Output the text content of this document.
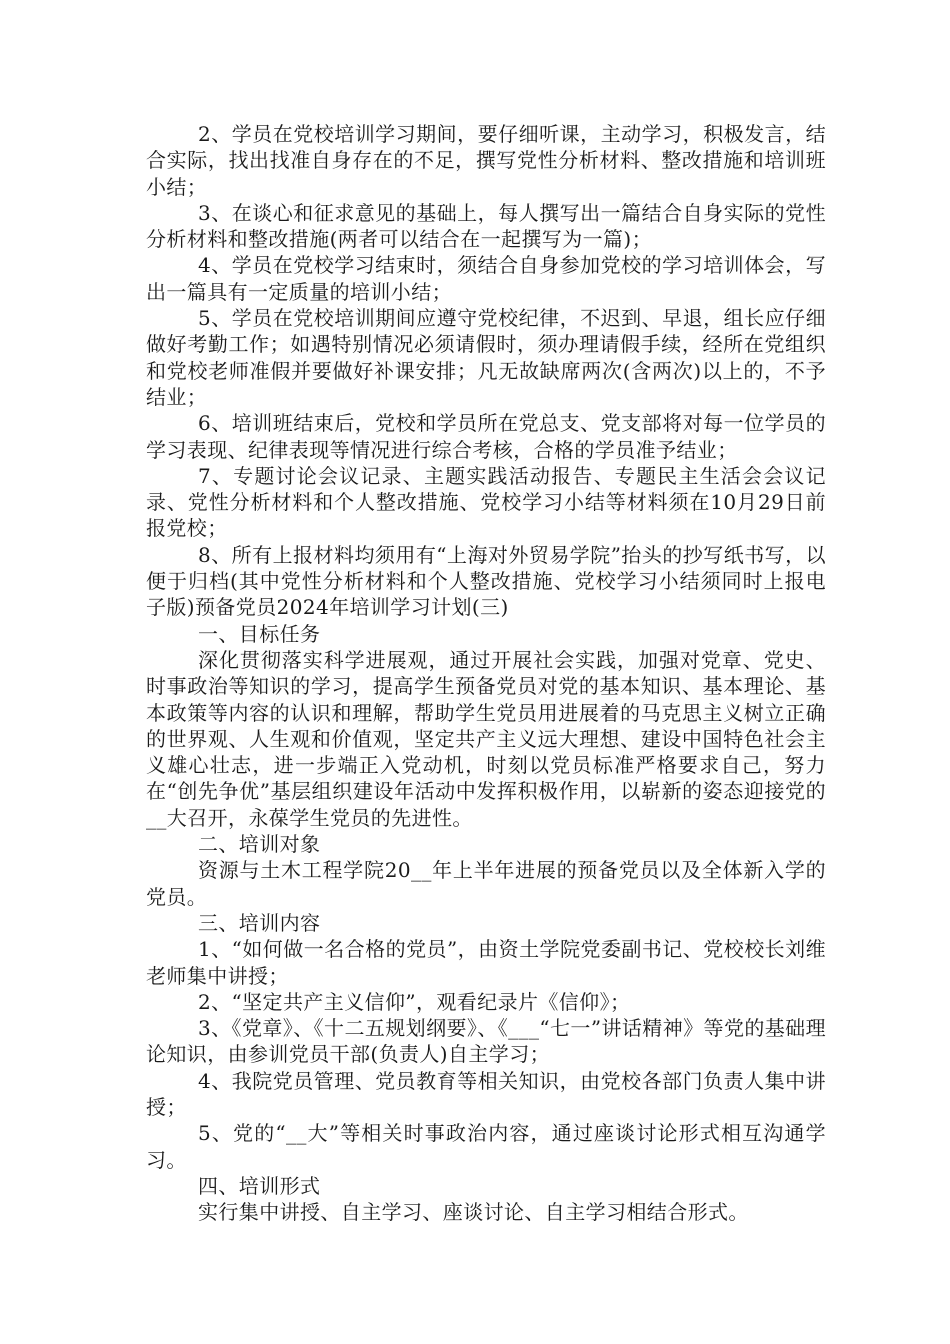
2、学员在党校培训学习期间，要仔细听课，主动学习，积极发言，结合实际，找出找准自身存在的不足，撰写党性分析材料、整改措施和培训班小结；

3、在谈心和征求意见的基础上，每人撰写出一篇结合自身实际的党性分析材料和整改措施(两者可以结合在一起撰写为一篇)；

4、学员在党校学习结束时，须结合自身参加党校的学习培训体会，写出一篇具有一定质量的培训小结；

5、学员在党校培训期间应遵守党校纪律，不迟到、早退，组长应仔细做好考勤工作；如遇特别情况必须请假时，须办理请假手续，经所在党组织和党校老师准假并要做好补课安排；凡无故缺席两次(含两次)以上的，不予结业；

6、培训班结束后，党校和学员所在党总支、党支部将对每一位学员的学习表现、纪律表现等情况进行综合考核，合格的学员准予结业；

7、专题讨论会议记录、主题实践活动报告、专题民主生活会会议记录、党性分析材料和个人整改措施、党校学习小结等材料须在10月29日前报党校；

8、所有上报材料均须用有“上海对外贸易学院”抬头的抄写纸书写，以便于归档(其中党性分析材料和个人整改措施、党校学习小结须同时上报电子版)预备党员2024年培训学习计划(三)

一、目标任务

深化贯彻落实科学进展观，通过开展社会实践，加强对党章、党史、时事政治等知识的学习，提高学生预备党员对党的基本知识、基本理论、基本政策等内容的认识和理解，帮助学生党员用进展着的马克思主义树立正确的世界观、人生观和价值观，坚定共产主义远大理想、建设中国特色社会主义雄心壮志，进一步端正入党动机，时刻以党员标准严格要求自己，努力在“创先争优”基层组织建设年活动中发挥积极作用，以崭新的姿态迎接党的__大召开，永葆学生党员的先进性。

二、培训对象

资源与土木工程学院20__年上半年进展的预备党员以及全体新入学的党员。

三、培训内容

1、“如何做一名合格的党员”，由资土学院党委副书记、党校校长刘维老师集中讲授；

2、“坚定共产主义信仰”，观看纪录片《信仰》；

3、《党章》、《十二五规划纲要》、《___“七一”讲话精神》等党的基础理论知识，由参训党员干部(负责人)自主学习；

4、我院党员管理、党员教育等相关知识，由党校各部门负责人集中讲授；

5、党的“__大”等相关时事政治内容，通过座谈讨论形式相互沟通学习。

四、培训形式

实行集中讲授、自主学习、座谈讨论、自主学习相结合形式。
